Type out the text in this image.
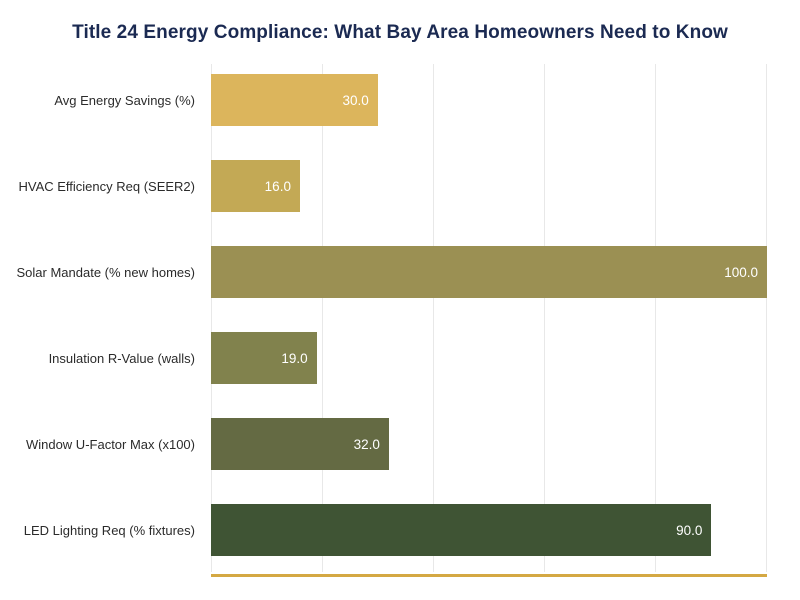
Title 24 Energy Compliance: What Bay Area Homeowners Need to Know
30.0
16.0
100.0
19.0
32.0
90.0
Avg Energy Savings (%)
HVAC Efficiency Req (SEER2)
Solar Mandate (% new homes)
Insulation R-Value (walls)
Window U-Factor Max (x100)
LED Lighting Req (% fixtures)
